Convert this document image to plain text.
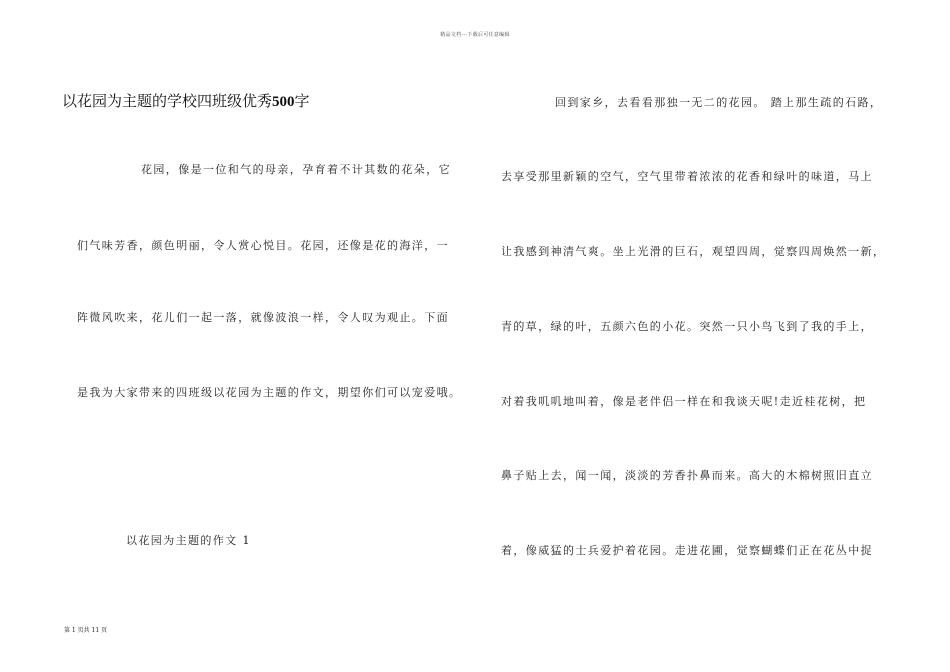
精品文档---下载后可任意编辑
以花园为主题的学校四班级优秀500字
花园，像是一位和气的母亲，孕育着不计其数的花朵，它
们气味芳香，颜色明丽，令人赏心悦目。花园，还像是花的海洋，一
阵微风吹来，花儿们一起一落，就像波浪一样，令人叹为观止。下面
是我为大家带来的四班级以花园为主题的作文，期望你们可以宠爱哦。
以花园为主题的作文 1
回到家乡，去看看那独一无二的花园。 踏上那生疏的石路，
去享受那里新颖的空气，空气里带着浓浓的花香和绿叶的味道，马上
让我感到神清气爽。坐上光滑的巨石，观望四周，觉察四周焕然一新，
青的草，绿的叶，五颜六色的小花。突然一只小鸟飞到了我的手上，
对着我叽叽地叫着，像是老伴侣一样在和我谈天呢!走近桂花树，把
鼻子贴上去，闻一闻，淡淡的芳香扑鼻而来。高大的木棉树照旧直立
着，像威猛的士兵爱护着花园。走进花圃，觉察蝴蝶们正在花丛中捉
第 1 页共 11 页
